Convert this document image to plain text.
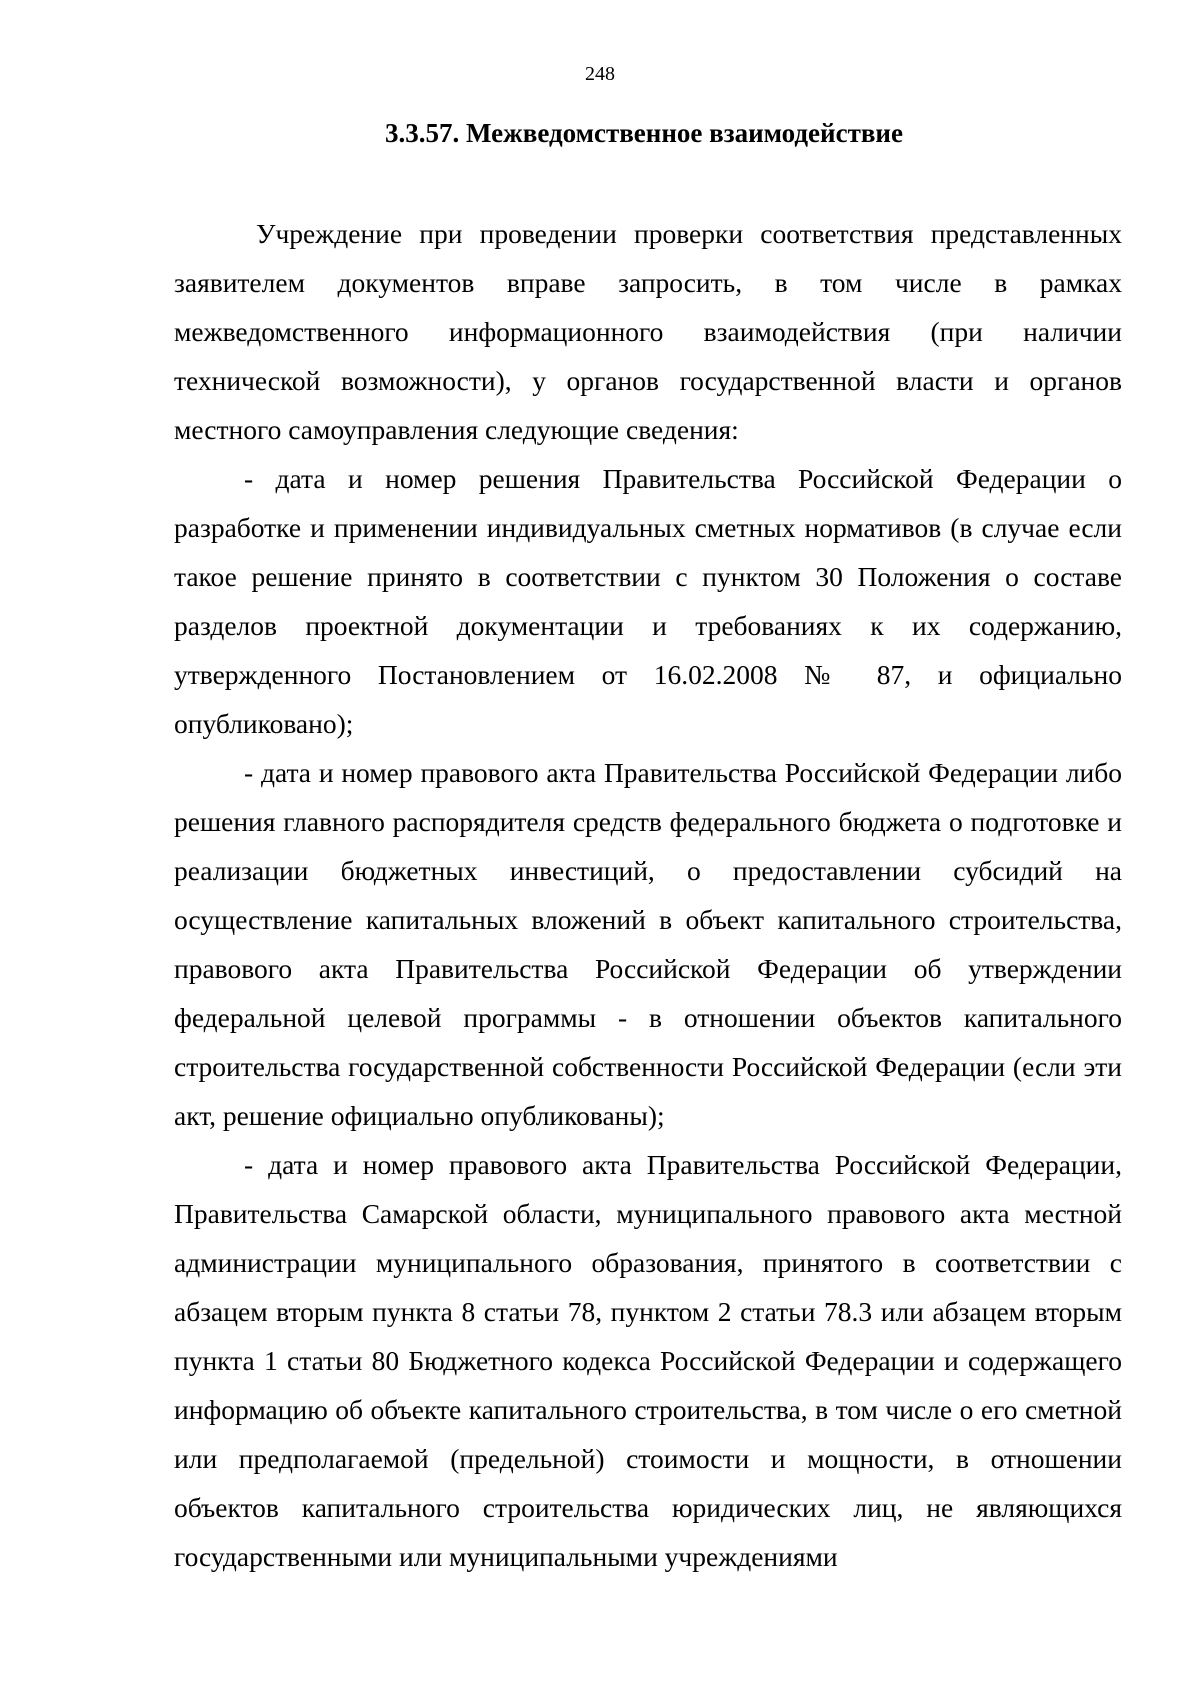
248
3.3.57. Межведомственное взаимодействие

Учреждение при проведении проверки соответствия представленных заявителем документов вправе запросить, в том числе в рамках межведомственного информационного взаимодействия (при наличии технической возможности), у органов государственной власти и органов местного самоуправления следующие сведения:

- дата и номер решения Правительства Российской Федерации о разработке и применении индивидуальных сметных нормативов (в случае если такое решение принято в соответствии с пунктом 30 Положения о составе разделов проектной документации и требованиях к их содержанию, утвержденного Постановлением от 16.02.2008 № 87, и официально опубликовано);

- дата и номер правового акта Правительства Российской Федерации либо решения главного распорядителя средств федерального бюджета о подготовке и реализации бюджетных инвестиций, о предоставлении субсидий на осуществление капитальных вложений в объект капитального строительства, правового акта Правительства Российской Федерации об утверждении федеральной целевой программы - в отношении объектов капитального строительства государственной собственности Российской Федерации (если эти акт, решение официально опубликованы);

- дата и номер правового акта Правительства Российской Федерации, Правительства Самарской области, муниципального правового акта местной администрации муниципального образования, принятого в соответствии с абзацем вторым пункта 8 статьи 78, пунктом 2 статьи 78.3 или абзацем вторым пункта 1 статьи 80 Бюджетного кодекса Российской Федерации и содержащего информацию об объекте капитального строительства, в том числе о его сметной или предполагаемой (предельной) стоимости и мощности, в отношении объектов капитального строительства юридических лиц, не являющихся государственными или муниципальными учреждениями
